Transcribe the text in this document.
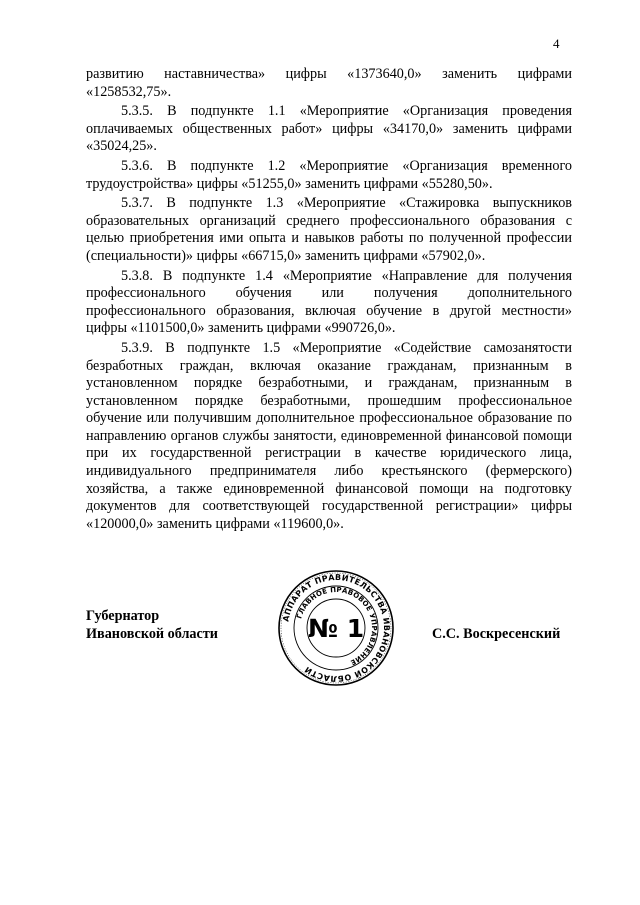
4

развитию наставничества» цифры «1373640,0» заменить цифрами «1258532,75».

5.3.5. В подпункте 1.1 «Мероприятие «Организация проведения оплачиваемых общественных работ» цифры «34170,0» заменить цифрами «35024,25».

5.3.6. В подпункте 1.2 «Мероприятие «Организация временного трудоустройства» цифры «51255,0» заменить цифрами «55280,50».

5.3.7. В подпункте 1.3 «Мероприятие «Стажировка выпускников образовательных организаций среднего профессионального образования с целью приобретения ими опыта и навыков работы по полученной профессии (специальности)» цифры «66715,0» заменить цифрами «57902,0».

5.3.8. В подпункте 1.4 «Мероприятие «Направление для получения профессионального обучения или получения дополнительного профессионального образования, включая обучение в другой местности» цифры «1101500,0» заменить цифрами «990726,0».

5.3.9. В подпункте 1.5 «Мероприятие «Содействие самозанятости безработных граждан, включая оказание гражданам, признанным в установленном порядке безработными, и гражданам, признанным в установленном порядке безработными, прошедшим профессиональное обучение или получившим дополнительное профессиональное образование по направлению органов службы занятости, единовременной финансовой помощи при их государственной регистрации в качестве юридического лица, индивидуального предпринимателя либо крестьянского (фермерского) хозяйства, а также единовременной финансовой помощи на подготовку документов для соответствующей государственной регистрации» цифры «120000,0» заменить цифрами «119600,0».

Губернатор
Ивановской области
АППАРАТ ПРАВИТЕЛЬСТВА ИВАНОВСКОЙ ОБЛАСТИ
ГЛАВНОЕ ПРАВОВОЕ УПРАВЛЕНИЕ
№ 1	С.С. Воскресенский
